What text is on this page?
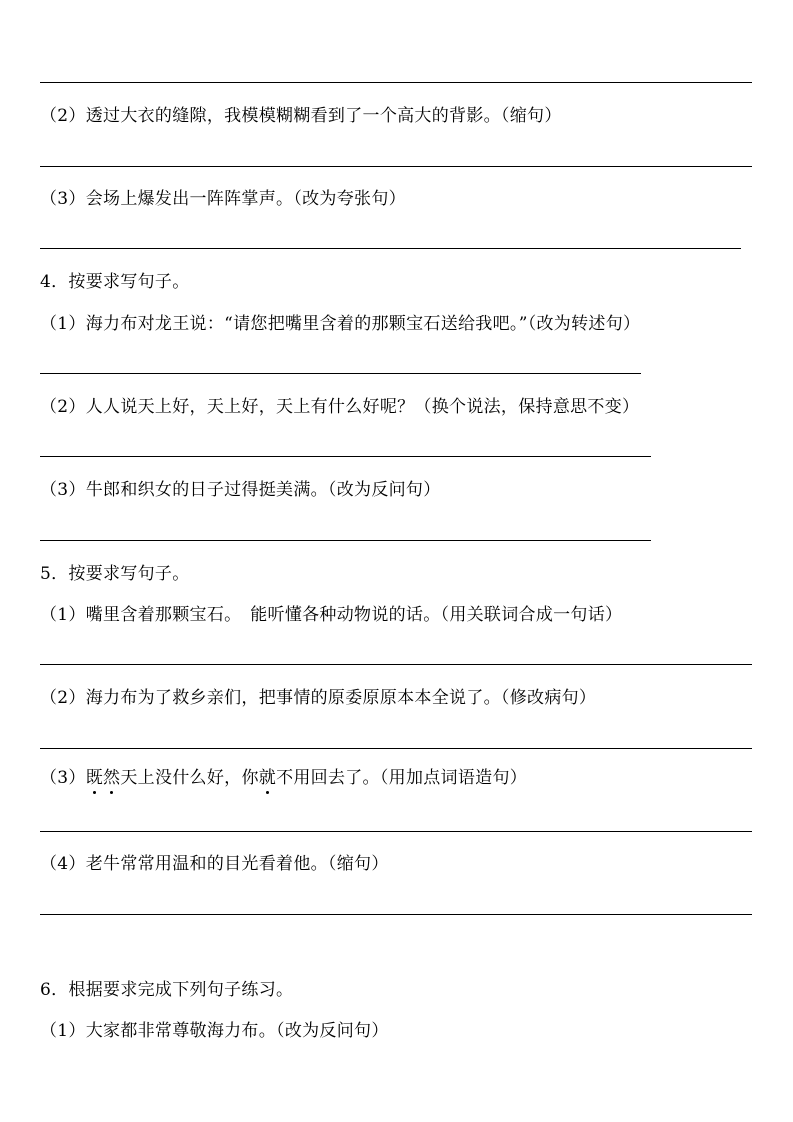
（2）透过大衣的缝隙，我模模糊糊看到了一个高大的背影。（缩句）
（3）会场上爆发出一阵阵掌声。（改为夸张句）
4．按要求写句子。
（1）海力布对龙王说：“请您把嘴里含着的那颗宝石送给我吧。”（改为转述句）
（2）人人说天上好，天上好，天上有什么好呢？（换个说法，保持意思不变）
（3）牛郎和织女的日子过得挺美满。（改为反问句）
5．按要求写句子。
（1）嘴里含着那颗宝石。　能听懂各种动物说的话。（用关联词合成一句话）
（2）海力布为了救乡亲们，把事情的原委原原本本全说了。（修改病句）
（3）既然天上没什么好，你就不用回去了。（用加点词语造句）
（4）老牛常常用温和的目光看着他。（缩句）
6．根据要求完成下列句子练习。
（1）大家都非常尊敬海力布。（改为反问句）
